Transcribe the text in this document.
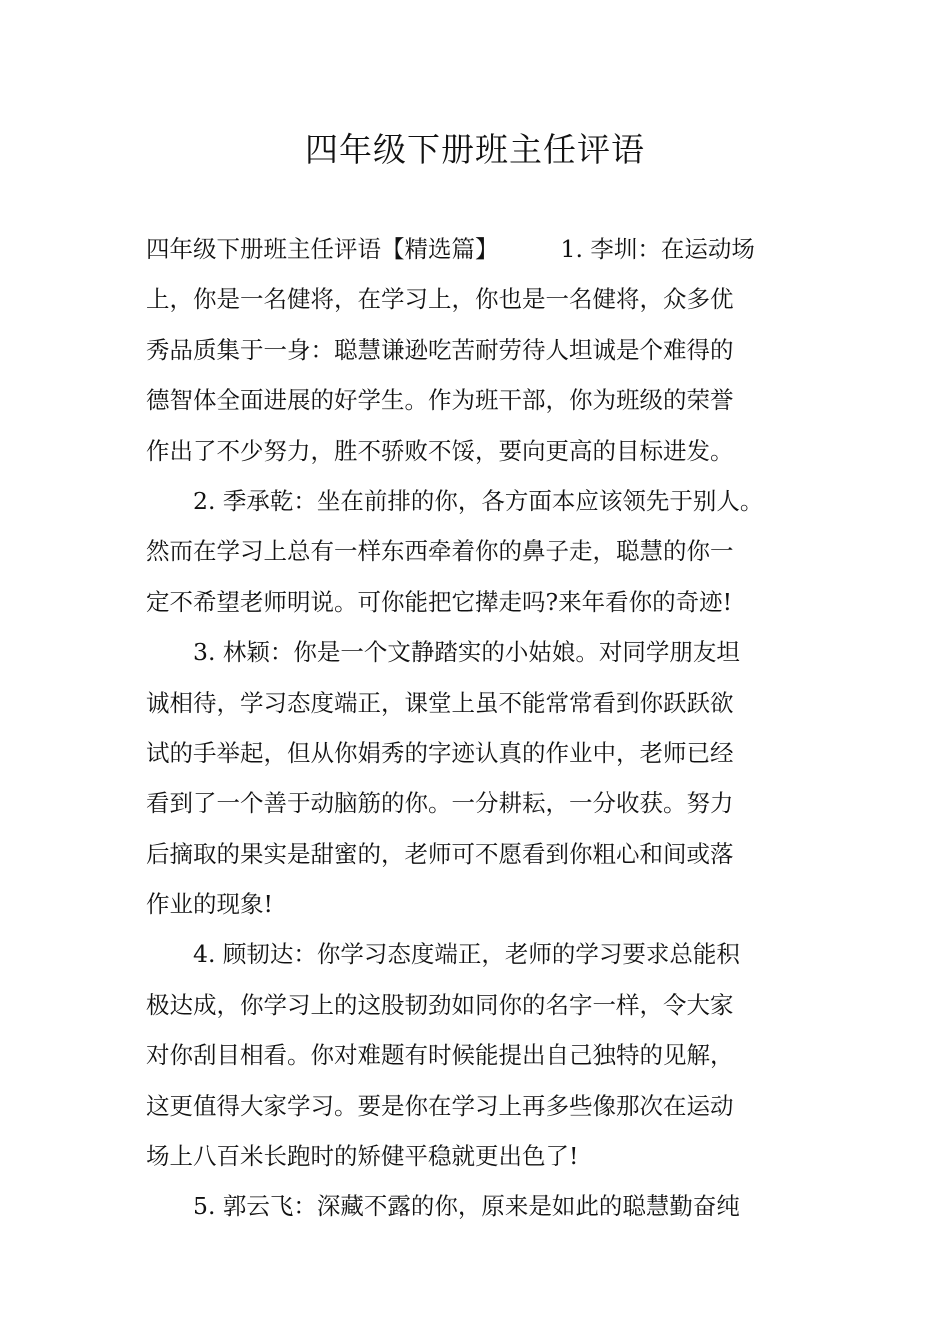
四年级下册班主任评语
四年级下册班主任评语【精选篇】	1. 李圳：在运动场
上，你是一名健将，在学习上，你也是一名健将，众多优
秀品质集于一身：聪慧谦逊吃苦耐劳待人坦诚是个难得的
德智体全面进展的好学生。作为班干部，你为班级的荣誉
作出了不少努力，胜不骄败不馁，要向更高的目标进发。
2. 季承乾：坐在前排的你，各方面本应该领先于别人。
然而在学习上总有一样东西牵着你的鼻子走，聪慧的你一
定不希望老师明说。可你能把它撵走吗?来年看你的奇迹!
3. 林颖：你是一个文静踏实的小姑娘。对同学朋友坦
诚相待，学习态度端正，课堂上虽不能常常看到你跃跃欲
试的手举起，但从你娟秀的字迹认真的作业中，老师已经
看到了一个善于动脑筋的你。一分耕耘，一分收获。努力
后摘取的果实是甜蜜的，老师可不愿看到你粗心和间或落
作业的现象!
4. 顾韧达：你学习态度端正，老师的学习要求总能积
极达成，你学习上的这股韧劲如同你的名字一样，令大家
对你刮目相看。你对难题有时候能提出自己独特的见解，
这更值得大家学习。要是你在学习上再多些像那次在运动
场上八百米长跑时的矫健平稳就更出色了!
5. 郭云飞：深藏不露的你，原来是如此的聪慧勤奋纯
